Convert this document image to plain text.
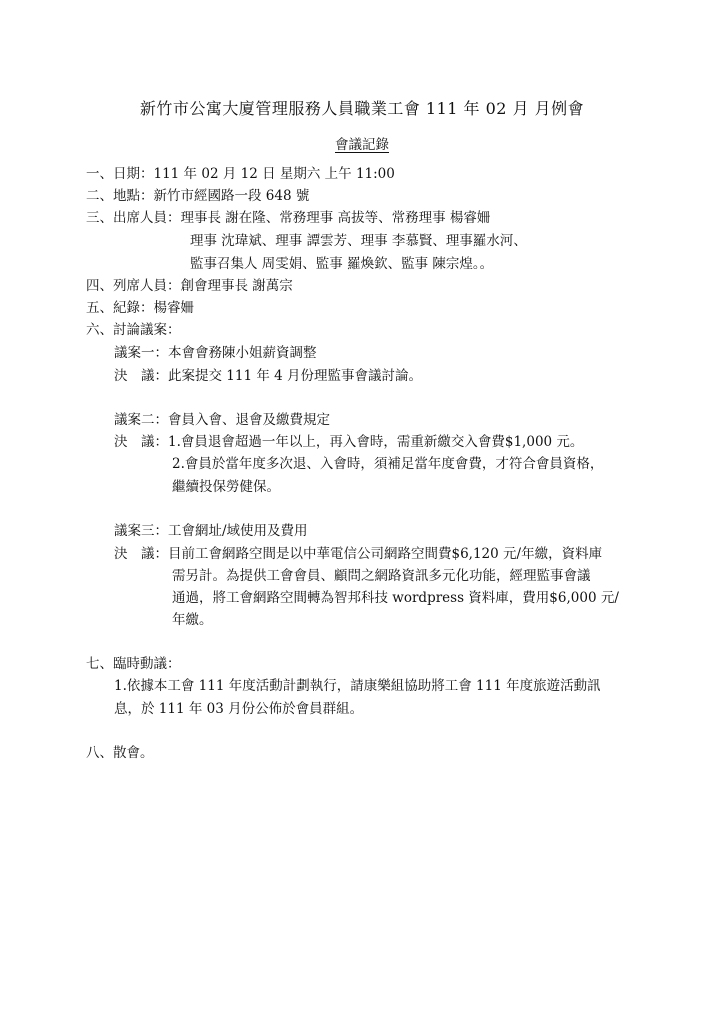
新竹市公寓大廈管理服務人員職業工會 111 年 02 月 月例會
會議記錄
一、日期：111 年 02 月 12 日 星期六 上午 11:00
二、地點：新竹市經國路一段 648 號
三、出席人員：理事長 謝在隆、常務理事 高拔等、常務理事 楊睿姍
理事 沈瑋斌、理事 譚雲芳、理事 李慕賢、理事羅水河、
監事召集人 周雯娟、監事 羅煥欽、監事 陳宗煌。。
四、列席人員：創會理事長 謝萬宗
五、紀錄：楊睿姍
六、討論議案：
議案一：本會會務陳小姐薪資調整
決　議：此案提交 111 年 4 月份理監事會議討論。
議案二：會員入會、退會及繳費規定
決　議：1.會員退會超過一年以上，再入會時，需重新繳交入會費$1,000 元。
2.會員於當年度多次退、入會時，須補足當年度會費，才符合會員資格，
繼續投保勞健保。
議案三：工會網址/域使用及費用
決　議：目前工會網路空間是以中華電信公司網路空間費$6,120 元/年繳，資料庫
需另計。為提供工會會員、顧問之網路資訊多元化功能，經理監事會議
通過，將工會網路空間轉為智邦科技 wordpress 資料庫，費用$6,000 元/
年繳。
七、臨時動議：
1.依據本工會 111 年度活動計劃執行，請康樂組協助將工會 111 年度旅遊活動訊
息，於 111 年 03 月份公佈於會員群組。
八、散會。
